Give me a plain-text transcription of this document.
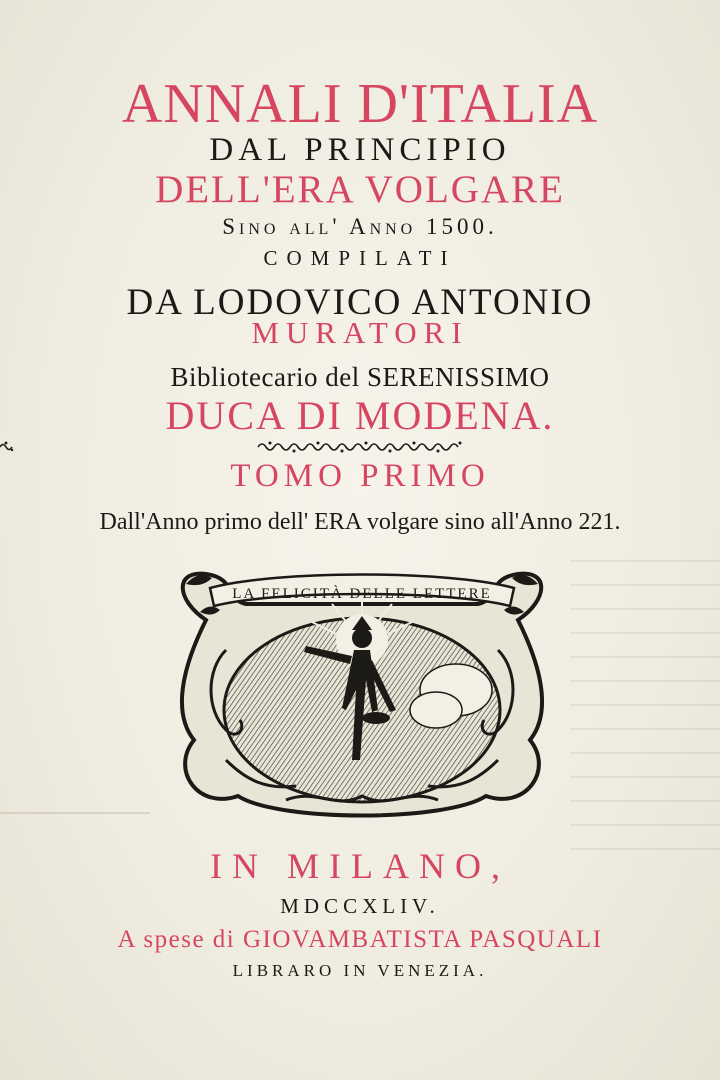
ANNALI D'ITALIA
DAL PRINCIPIO
DELL'ERA VOLGARE
Sino all' Anno 1500.
COMPILATI
DA LODOVICO ANTONIO
MURATORI
Bibliotecario del SERENISSIMO
DUCA DI MODENA.
TOMO PRIMO
Dall'Anno primo dell' ERA volgare sino all'Anno 221.
LA FELICITÀ DELLE LETTERE
IN MILANO,
MDCCXLIV.
A spese di GIOVAMBATISTA PASQUALI
LIBRARO IN VENEZIA.
